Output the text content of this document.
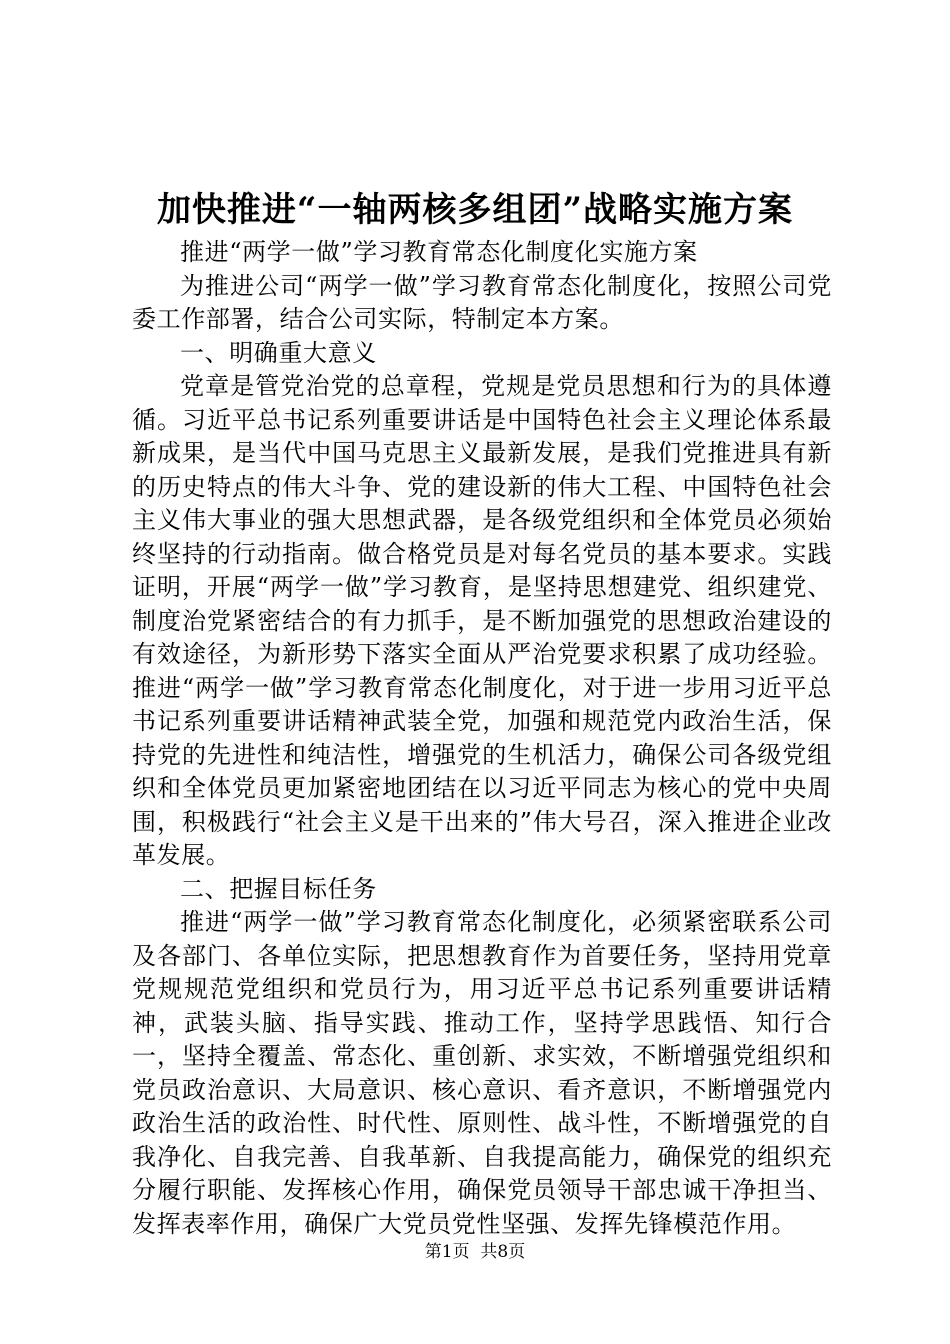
加快推进“一轴两核多组团”战略实施方案

推进“两学一做”学习教育常态化制度化实施方案

为推进公司“两学一做”学习教育常态化制度化，按照公司党委工作部署，结合公司实际，特制定本方案。

一、明确重大意义

党章是管党治党的总章程，党规是党员思想和行为的具体遵循。习近平总书记系列重要讲话是中国特色社会主义理论体系最新成果，是当代中国马克思主义最新发展，是我们党推进具有新的历史特点的伟大斗争、党的建设新的伟大工程、中国特色社会主义伟大事业的强大思想武器，是各级党组织和全体党员必须始终坚持的行动指南。做合格党员是对每名党员的基本要求。实践证明，开展“两学一做”学习教育，是坚持思想建党、组织建党、制度治党紧密结合的有力抓手，是不断加强党的思想政治建设的有效途径，为新形势下落实全面从严治党要求积累了成功经验。推进“两学一做”学习教育常态化制度化，对于进一步用习近平总书记系列重要讲话精神武装全党，加强和规范党内政治生活，保持党的先进性和纯洁性，增强党的生机活力，确保公司各级党组织和全体党员更加紧密地团结在以习近平同志为核心的党中央周围，积极践行“社会主义是干出来的”伟大号召，深入推进企业改革发展。

二、把握目标任务

推进“两学一做”学习教育常态化制度化，必须紧密联系公司及各部门、各单位实际，把思想教育作为首要任务，坚持用党章党规规范党组织和党员行为，用习近平总书记系列重要讲话精神，武装头脑、指导实践、推动工作，坚持学思践悟、知行合一，坚持全覆盖、常态化、重创新、求实效，不断增强党组织和党员政治意识、大局意识、核心意识、看齐意识，不断增强党内政治生活的政治性、时代性、原则性、战斗性，不断增强党的自我净化、自我完善、自我革新、自我提高能力，确保党的组织充分履行职能、发挥核心作用，确保党员领导干部忠诚干净担当、发挥表率作用，确保广大党员党性坚强、发挥先锋模范作用。

第1页  共8页
